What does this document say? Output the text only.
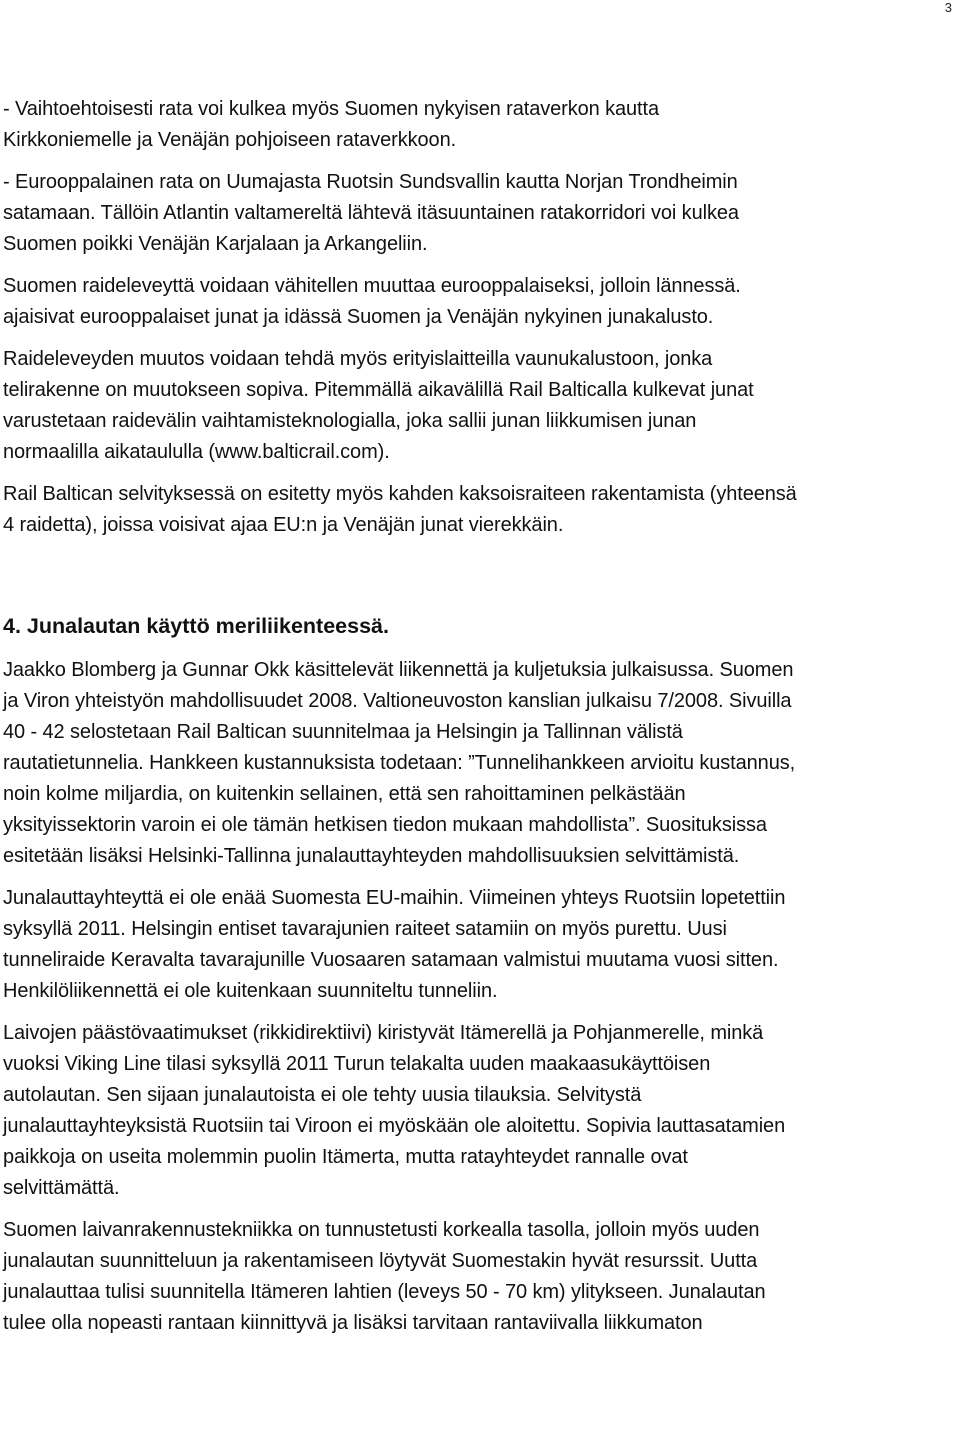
3
- Vaihtoehtoisesti rata voi kulkea myös Suomen nykyisen rataverkon kautta
Kirkkoniemelle ja Venäjän pohjoiseen rataverkkoon.
- Eurooppalainen rata on Uumajasta Ruotsin Sundsvallin kautta Norjan Trondheimin
satamaan. Tällöin Atlantin valtamereltä lähtevä itäsuuntainen ratakorridori voi kulkea
Suomen poikki Venäjän Karjalaan ja Arkangeliin.
Suomen raideleveyttä voidaan vähitellen muuttaa eurooppalaiseksi, jolloin lännessä.
ajaisivat eurooppalaiset junat ja idässä Suomen ja Venäjän nykyinen junakalusto.
Raideleveyden muutos voidaan tehdä myös erityislaitteilla vaunukalustoon, jonka
telirakenne on muutokseen sopiva. Pitemmällä aikavälillä Rail Balticalla kulkevat junat
varustetaan raidevälin vaihtamisteknologialla, joka sallii junan liikkumisen junan
normaalilla aikataululla (www.balticrail.com).
Rail Baltican selvityksessä on esitetty myös kahden kaksoisraiteen rakentamista (yhteensä
4 raidetta), joissa voisivat ajaa EU:n ja Venäjän junat vierekkäin.
4. Junalautan käyttö meriliikenteessä.
Jaakko Blomberg ja Gunnar Okk käsittelevät liikennettä ja kuljetuksia julkaisussa. Suomen
ja Viron yhteistyön mahdollisuudet 2008. Valtioneuvoston kanslian julkaisu 7/2008. Sivuilla
40 - 42 selostetaan Rail Baltican suunnitelmaa ja Helsingin ja Tallinnan välistä
rautatietunnelia. Hankkeen kustannuksista todetaan: ”Tunnelihankkeen arvioitu kustannus,
noin kolme miljardia, on kuitenkin sellainen, että sen rahoittaminen pelkästään
yksityissektorin varoin ei ole tämän hetkisen tiedon mukaan mahdollista”. Suosituksissa
esitetään lisäksi Helsinki-Tallinna junalauttayhteyden mahdollisuuksien selvittämistä.
Junalauttayhteyttä ei ole enää Suomesta EU-maihin. Viimeinen yhteys Ruotsiin lopetettiin
syksyllä 2011. Helsingin entiset tavarajunien raiteet satamiin on myös purettu. Uusi
tunneliraide Keravalta tavarajunille Vuosaaren satamaan valmistui muutama vuosi sitten.
Henkilöliikennettä ei ole kuitenkaan suunniteltu tunneliin.
Laivojen päästövaatimukset (rikkidirektiivi) kiristyvät Itämerellä ja Pohjanmerelle, minkä
vuoksi Viking Line tilasi syksyllä 2011 Turun telakalta uuden maakaasukäyttöisen
autolautan. Sen sijaan junalautoista ei ole tehty uusia tilauksia. Selvitystä
junalauttayhteyksistä Ruotsiin tai Viroon ei myöskään ole aloitettu. Sopivia lauttasatamien
paikkoja on useita molemmin puolin Itämerta, mutta ratayhteydet rannalle ovat
selvittämättä.
Suomen laivanrakennustekniikka on tunnustetusti korkealla tasolla, jolloin myös uuden
junalautan suunnitteluun ja rakentamiseen löytyvät Suomestakin hyvät resurssit. Uutta
junalauttaa tulisi suunnitella Itämeren lahtien (leveys 50 - 70 km) ylitykseen. Junalautan
tulee olla nopeasti rantaan kiinnittyvä ja lisäksi tarvitaan rantaviivalla liikkumaton
